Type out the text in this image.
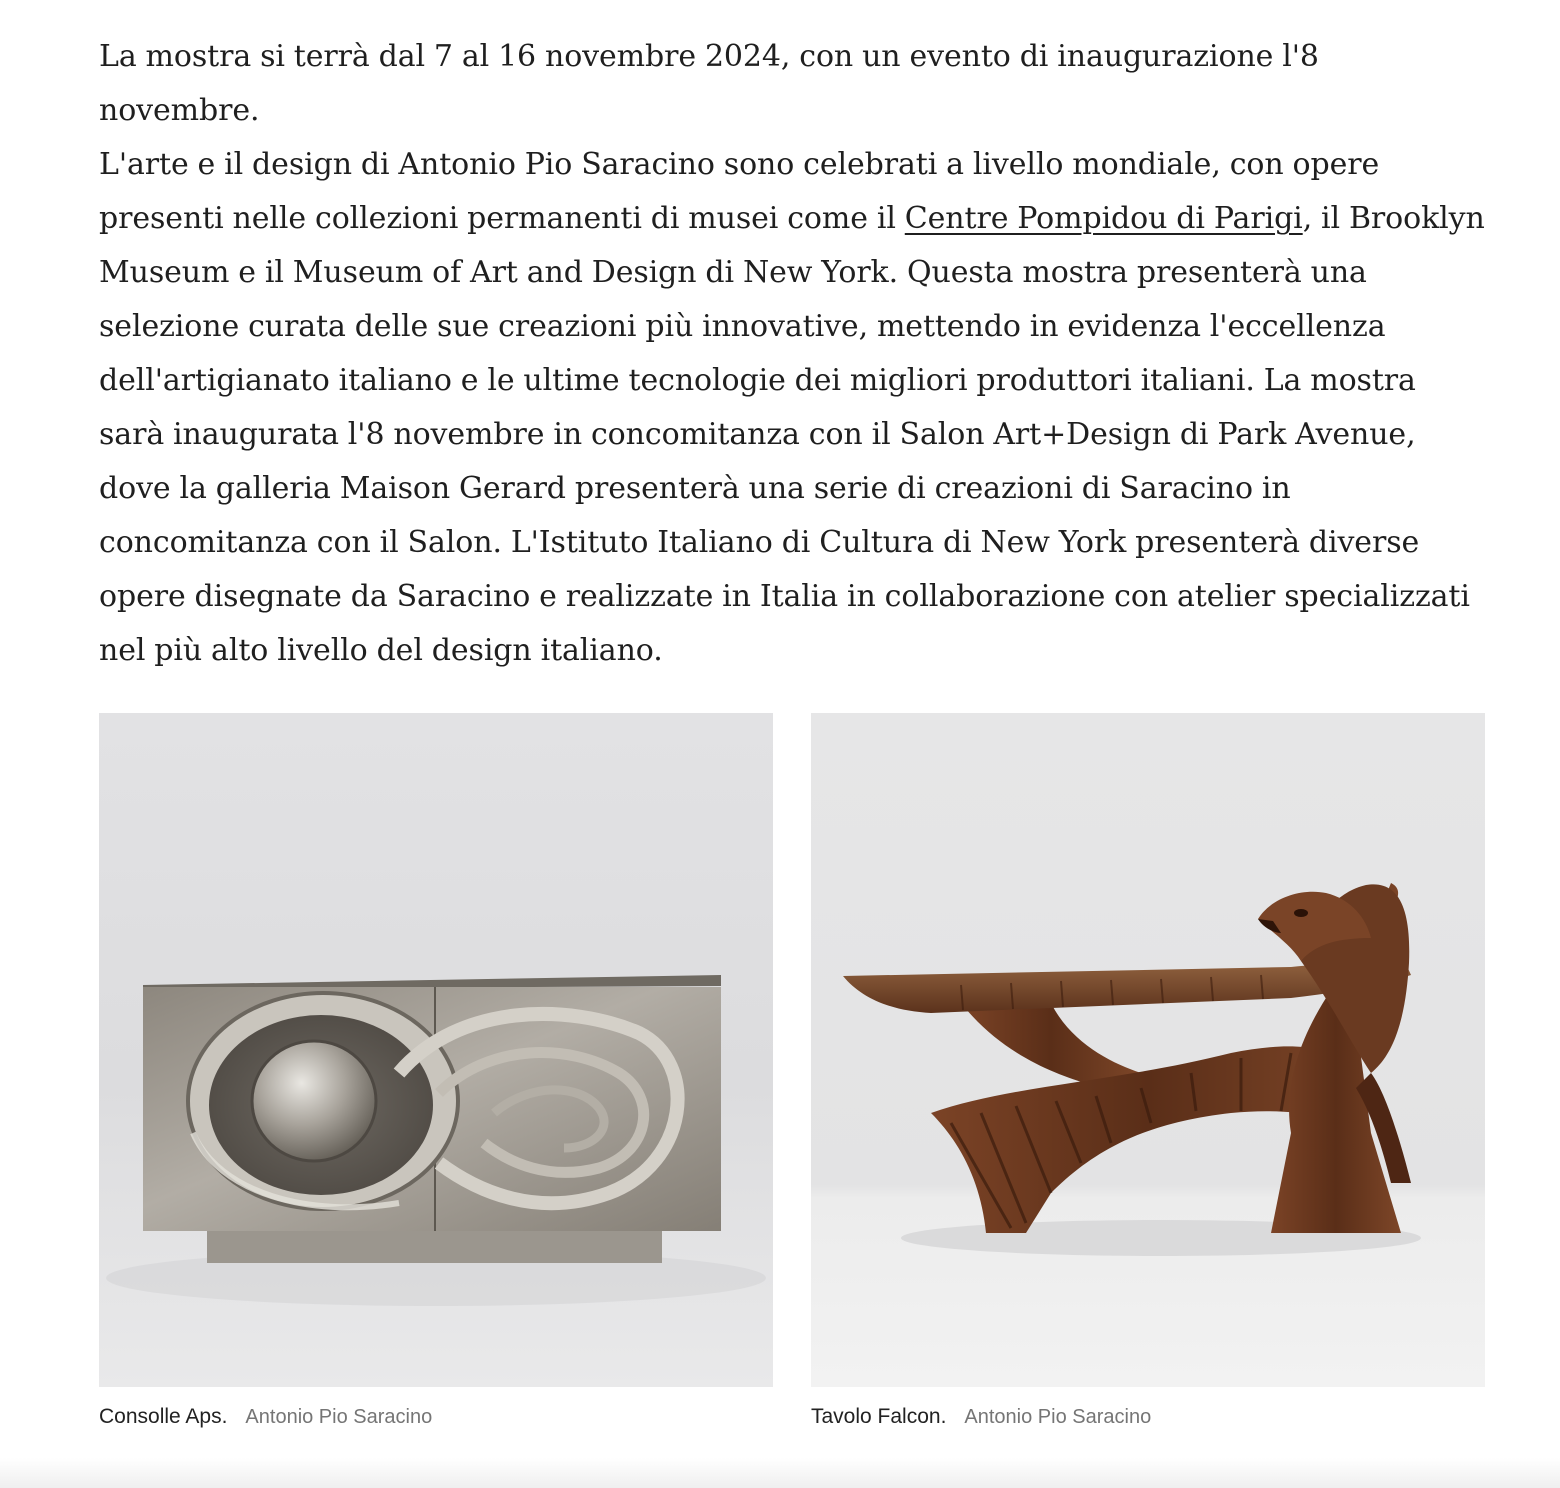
La mostra si terrà dal 7 al 16 novembre 2024, con un evento di inaugurazione l'8 novembre.

L'arte e il design di Antonio Pio Saracino sono celebrati a livello mondiale, con opere presenti nelle collezioni permanenti di musei come il Centre Pompidou di Parigi, il Brooklyn Museum e il Museum of Art and Design di New York. Questa mostra presenterà una selezione curata delle sue creazioni più innovative, mettendo in evidenza l'eccellenza dell'artigianato italiano e le ultime tecnologie dei migliori produttori italiani. La mostra sarà inaugurata l'8 novembre in concomitanza con il Salon Art+Design di Park Avenue, dove la galleria Maison Gerard presenterà una serie di creazioni di Saracino in concomitanza con il Salon. L'Istituto Italiano di Cultura di New York presenterà diverse opere disegnate da Saracino e realizzate in Italia in collaborazione con atelier specializzati nel più alto livello del design italiano.

Consolle Aps. Antonio Pio Saracino	Tavolo Falcon. Antonio Pio Saracino
